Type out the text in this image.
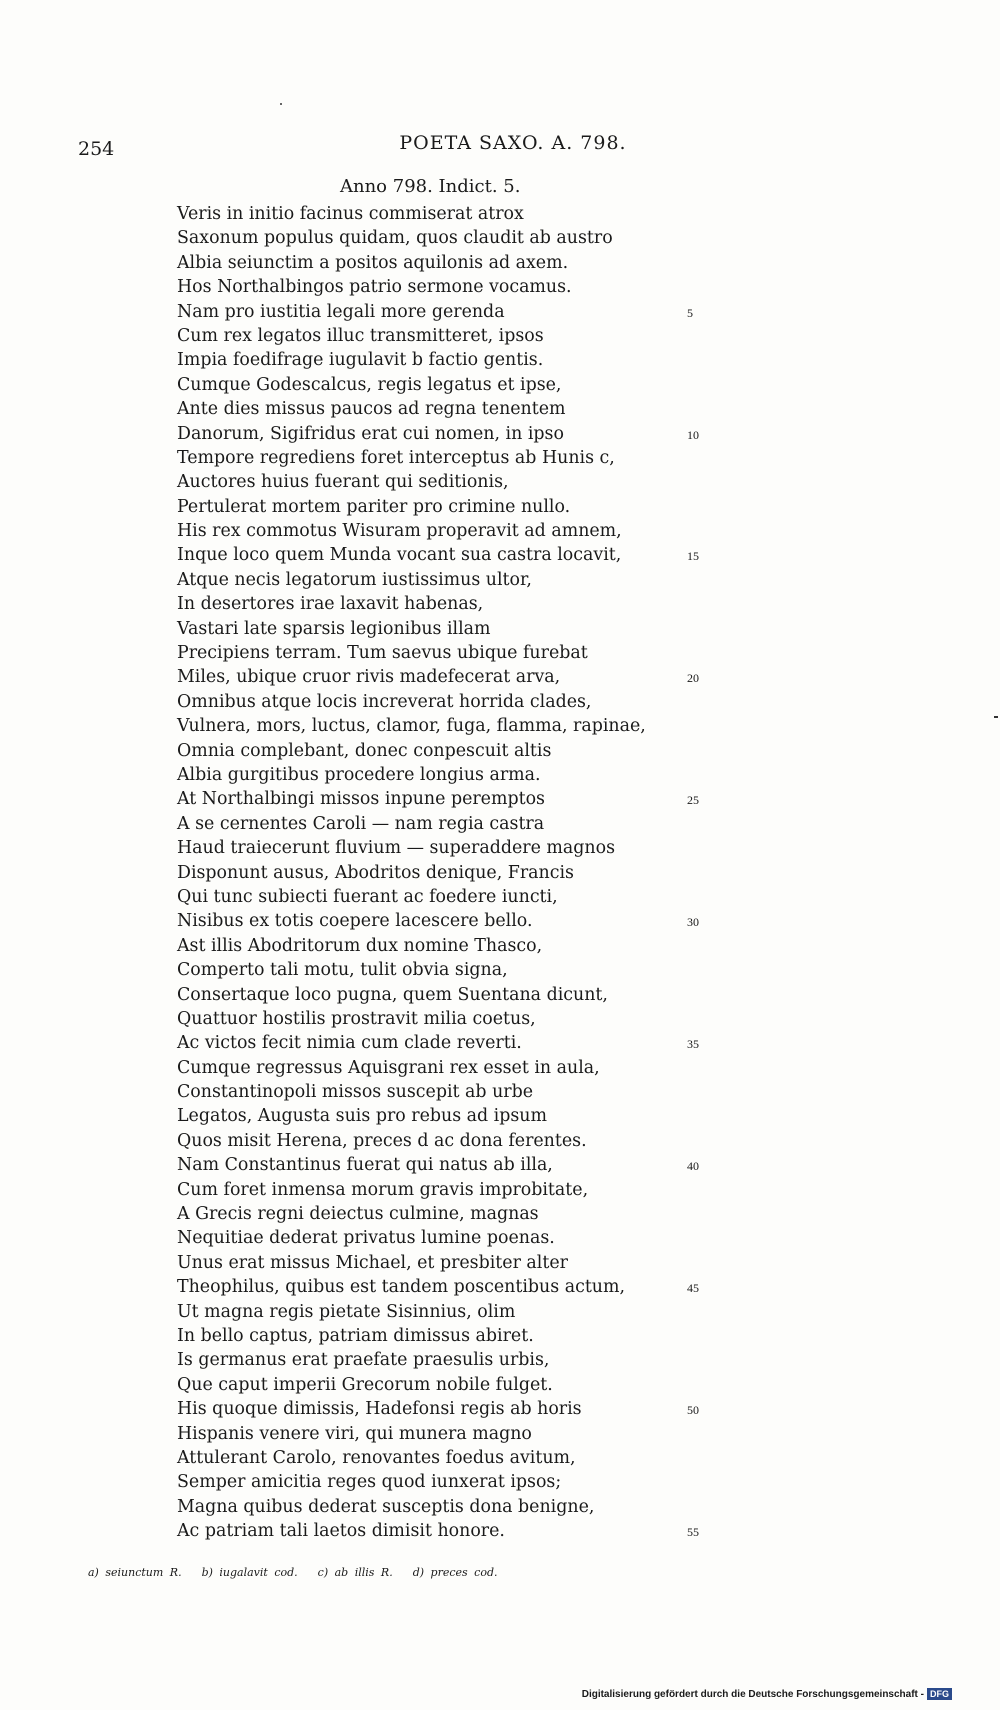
254	POETA SAXO. A. 798.
Anno 798. Indict. 5.
Veris in initio facinus commiserat atrox
Saxonum populus quidam, quos claudit ab austro
Albia seiunctim a positos aquilonis ad axem.
Hos Northalbingos patrio sermone vocamus.
Nam pro iustitia legali more gerenda	5
Cum rex legatos illuc transmitteret, ipsos
Impia foedifrage iugulavit b factio gentis.
Cumque Godescalcus, regis legatus et ipse,
Ante dies missus paucos ad regna tenentem
Danorum, Sigifridus erat cui nomen, in ipso	10
Tempore regrediens foret interceptus ab Hunis c,
Auctores huius fuerant qui seditionis,
Pertulerat mortem pariter pro crimine nullo.
His rex commotus Wisuram properavit ad amnem,
Inque loco quem Munda vocant sua castra locavit,	15
Atque necis legatorum iustissimus ultor,
In desertores irae laxavit habenas,
Vastari late sparsis legionibus illam
Precipiens terram. Tum saevus ubique furebat
Miles, ubique cruor rivis madefecerat arva,	20
Omnibus atque locis increverat horrida clades,
Vulnera, mors, luctus, clamor, fuga, flamma, rapinae,
Omnia complebant, donec conpescuit altis
Albia gurgitibus procedere longius arma.
At Northalbingi missos inpune peremptos	25
A se cernentes Caroli — nam regia castra
Haud traiecerunt fluvium — superaddere magnos
Disponunt ausus, Abodritos denique, Francis
Qui tunc subiecti fuerant ac foedere iuncti,
Nisibus ex totis coepere lacescere bello.	30
Ast illis Abodritorum dux nomine Thasco,
Comperto tali motu, tulit obvia signa,
Consertaque loco pugna, quem Suentana dicunt,
Quattuor hostilis prostravit milia coetus,
Ac victos fecit nimia cum clade reverti.	35
Cumque regressus Aquisgrani rex esset in aula,
Constantinopoli missos suscepit ab urbe
Legatos, Augusta suis pro rebus ad ipsum
Quos misit Herena, preces d ac dona ferentes.
Nam Constantinus fuerat qui natus ab illa,	40
Cum foret inmensa morum gravis improbitate,
A Grecis regni deiectus culmine, magnas
Nequitiae dederat privatus lumine poenas.
Unus erat missus Michael, et presbiter alter
Theophilus, quibus est tandem poscentibus actum,	45
Ut magna regis pietate Sisinnius, olim
In bello captus, patriam dimissus abiret.
Is germanus erat praefate praesulis urbis,
Que caput imperii Grecorum nobile fulget.
His quoque dimissis, Hadefonsi regis ab horis	50
Hispanis venere viri, qui munera magno
Attulerant Carolo, renovantes foedus avitum,
Semper amicitia reges quod iunxerat ipsos;
Magna quibus dederat susceptis dona benigne,
Ac patriam tali laetos dimisit honore.	55
a) seiunctum R. b) iugalavit cod. c) ab illis R. d) preces cod.
Digitalisierung gefördert durch die Deutsche Forschungsgemeinschaft - DFG
